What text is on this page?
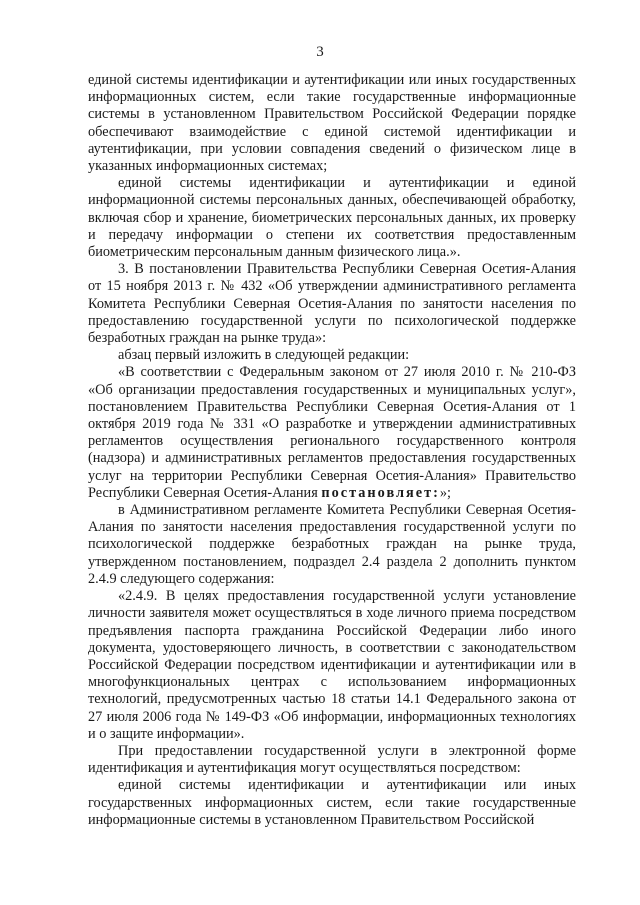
3

единой системы идентификации и аутентификации или иных государственных информационных систем, если такие государственные информационные системы в установленном Правительством Российской Федерации порядке обеспечивают взаимодействие с единой системой идентификации и аутентификации, при условии совпадения сведений о физическом лице в указанных информационных системах;

единой системы идентификации и аутентификации и единой информационной системы персональных данных, обеспечивающей обработку, включая сбор и хранение, биометрических персональных данных, их проверку и передачу информации о степени их соответствия предоставленным биометрическим персональным данным физического лица.».

3. В постановлении Правительства Республики Северная Осетия-Алания от 15 ноября 2013 г. № 432 «Об утверждении административного регламента Комитета Республики Северная Осетия-Алания по занятости населения по предоставлению государственной услуги по психологической поддержке безработных граждан на рынке труда»:

абзац первый изложить в следующей редакции:

«В соответствии с Федеральным законом от 27 июля 2010 г. № 210-ФЗ «Об организации предоставления государственных и муниципальных услуг», постановлением Правительства Республики Северная Осетия-Алания от 1 октября 2019 года № 331 «О разработке и утверждении административных регламентов осуществления регионального государственного контроля (надзора) и административных регламентов предоставления государственных услуг на территории Республики Северная Осетия-Алания» Правительство Республики Северная Осетия-Алания постановляет:»;

в Административном регламенте Комитета Республики Северная Осетия-Алания по занятости населения предоставления государственной услуги по психологической поддержке безработных граждан на рынке труда, утвержденном постановлением, подраздел 2.4 раздела 2 дополнить пунктом 2.4.9 следующего содержания:

«2.4.9. В целях предоставления государственной услуги установление личности заявителя может осуществляться в ходе личного приема посредством предъявления паспорта гражданина Российской Федерации либо иного документа, удостоверяющего личность, в соответствии с законодательством Российской Федерации посредством идентификации и аутентификации или в многофункциональных центрах с использованием информационных технологий, предусмотренных частью 18 статьи 14.1 Федерального закона от 27 июля 2006 года № 149-ФЗ «Об информации, информационных технологиях и о защите информации».

При предоставлении государственной услуги в электронной форме идентификация и аутентификация могут осуществляться посредством:

единой системы идентификации и аутентификации или иных государственных информационных систем, если такие государственные информационные системы в установленном Правительством Российской
